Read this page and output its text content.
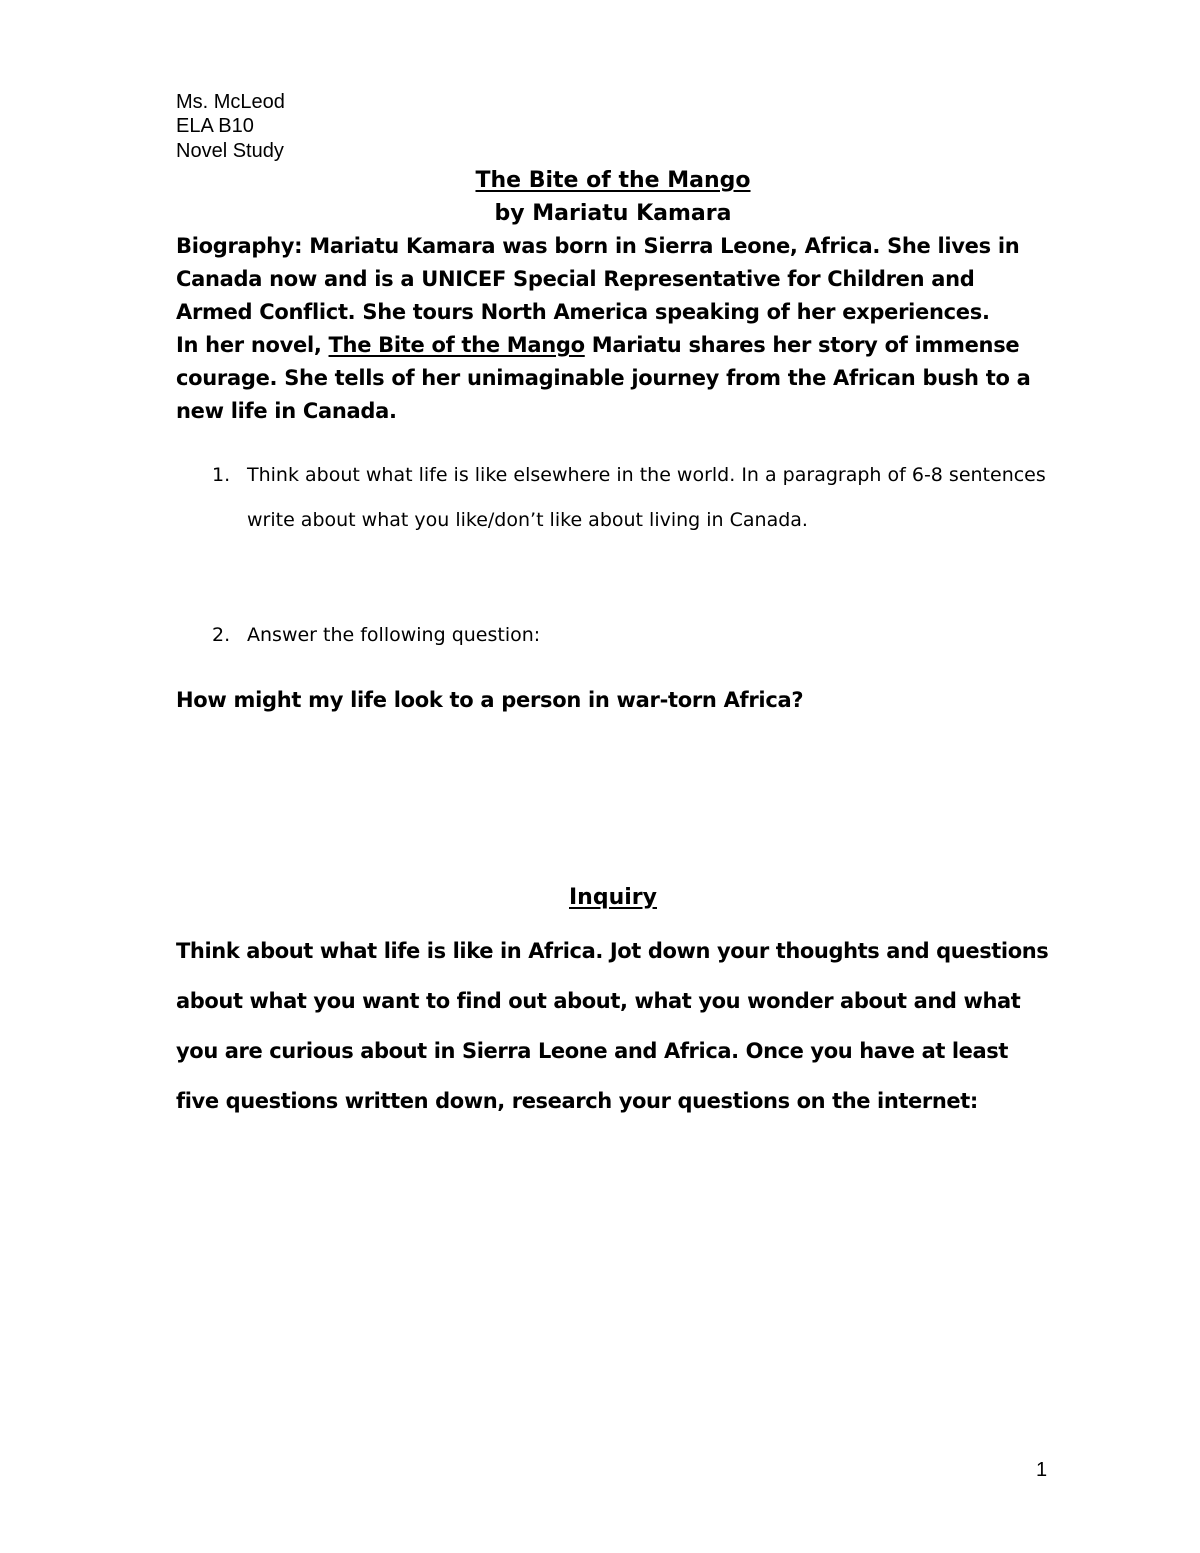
Ms. McLeod
ELA B10
Novel Study
The Bite of the Mango
by Mariatu Kamara

Biography: Mariatu Kamara was born in Sierra Leone, Africa. She lives in Canada now and is a UNICEF Special Representative for Children and Armed Conflict. She tours North America speaking of her experiences.

In her novel, The Bite of the Mango Mariatu shares her story of immense courage. She tells of her unimaginable journey from the African bush to a new life in Canada.

1. Think about what life is like elsewhere in the world. In a paragraph of 6-8 sentences write about what you like/don’t like about living in Canada.
2. Answer the following question:
How might my life look to a person in war-torn Africa?
Inquiry
Think about what life is like in Africa. Jot down your thoughts and questions about what you want to find out about, what you wonder about and what you are curious about in Sierra Leone and Africa. Once you have at least five questions written down, research your questions on the internet:
1
